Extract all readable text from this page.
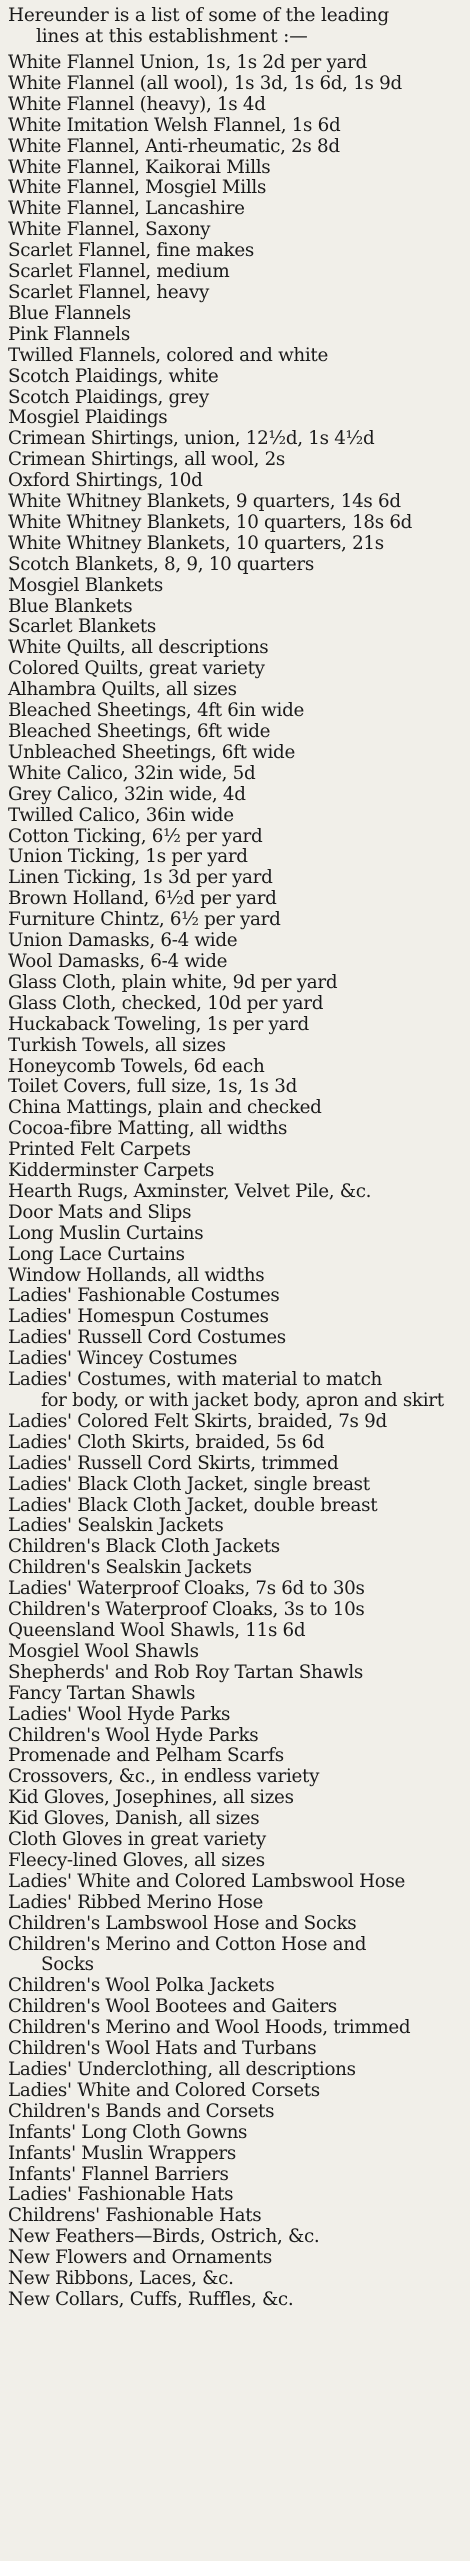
Hereunder is a list of some of the leading
lines at this establishment :—

White Flannel Union, 1s, 1s 2d per yard
White Flannel (all wool), 1s 3d, 1s 6d, 1s 9d
White Flannel (heavy), 1s 4d
White Imitation Welsh Flannel, 1s 6d
White Flannel, Anti-rheumatic, 2s 8d
White Flannel, Kaikorai Mills
White Flannel, Mosgiel Mills
White Flannel, Lancashire
White Flannel, Saxony
Scarlet Flannel, fine makes
Scarlet Flannel, medium
Scarlet Flannel, heavy
Blue Flannels
Pink Flannels
Twilled Flannels, colored and white
Scotch Plaidings, white
Scotch Plaidings, grey
Mosgiel Plaidings
Crimean Shirtings, union, 12½d, 1s 4½d
Crimean Shirtings, all wool, 2s
Oxford Shirtings, 10d
White Whitney Blankets, 9 quarters, 14s 6d
White Whitney Blankets, 10 quarters, 18s 6d
White Whitney Blankets, 10 quarters, 21s
Scotch Blankets, 8, 9, 10 quarters
Mosgiel Blankets
Blue Blankets
Scarlet Blankets
White Quilts, all descriptions
Colored Quilts, great variety
Alhambra Quilts, all sizes
Bleached Sheetings, 4ft 6in wide
Bleached Sheetings, 6ft wide
Unbleached Sheetings, 6ft wide
White Calico, 32in wide, 5d
Grey Calico, 32in wide, 4d
Twilled Calico, 36in wide
Cotton Ticking, 6½ per yard
Union Ticking, 1s per yard
Linen Ticking, 1s 3d per yard
Brown Holland, 6½d per yard
Furniture Chintz, 6½ per yard
Union Damasks, 6-4 wide
Wool Damasks, 6-4 wide
Glass Cloth, plain white, 9d per yard
Glass Cloth, checked, 10d per yard
Huckaback Toweling, 1s per yard
Turkish Towels, all sizes
Honeycomb Towels, 6d each
Toilet Covers, full size, 1s, 1s 3d
China Mattings, plain and checked
Cocoa-fibre Matting, all widths
Printed Felt Carpets
Kidderminster Carpets
Hearth Rugs, Axminster, Velvet Pile, &c.
Door Mats and Slips
Long Muslin Curtains
Long Lace Curtains
Window Hollands, all widths
Ladies' Fashionable Costumes
Ladies' Homespun Costumes
Ladies' Russell Cord Costumes
Ladies' Wincey Costumes
Ladies' Costumes, with material to match
for body, or with jacket body, apron and skirt
Ladies' Colored Felt Skirts, braided, 7s 9d
Ladies' Cloth Skirts, braided, 5s 6d
Ladies' Russell Cord Skirts, trimmed
Ladies' Black Cloth Jacket, single breast
Ladies' Black Cloth Jacket, double breast
Ladies' Sealskin Jackets
Children's Black Cloth Jackets
Children's Sealskin Jackets
Ladies' Waterproof Cloaks, 7s 6d to 30s
Children's Waterproof Cloaks, 3s to 10s
Queensland Wool Shawls, 11s 6d
Mosgiel Wool Shawls
Shepherds' and Rob Roy Tartan Shawls
Fancy Tartan Shawls
Ladies' Wool Hyde Parks
Children's Wool Hyde Parks
Promenade and Pelham Scarfs
Crossovers, &c., in endless variety
Kid Gloves, Josephines, all sizes
Kid Gloves, Danish, all sizes
Cloth Gloves in great variety
Fleecy-lined Gloves, all sizes
Ladies' White and Colored Lambswool Hose
Ladies' Ribbed Merino Hose
Children's Lambswool Hose and Socks
Children's Merino and Cotton Hose and
Socks
Children's Wool Polka Jackets
Children's Wool Bootees and Gaiters
Children's Merino and Wool Hoods, trimmed
Children's Wool Hats and Turbans
Ladies' Underclothing, all descriptions
Ladies' White and Colored Corsets
Children's Bands and Corsets
Infants' Long Cloth Gowns
Infants' Muslin Wrappers
Infants' Flannel Barriers
Ladies' Fashionable Hats
Childrens' Fashionable Hats
New Feathers—Birds, Ostrich, &c.
New Flowers and Ornaments
New Ribbons, Laces, &c.
New Collars, Cuffs, Ruffles, &c.
